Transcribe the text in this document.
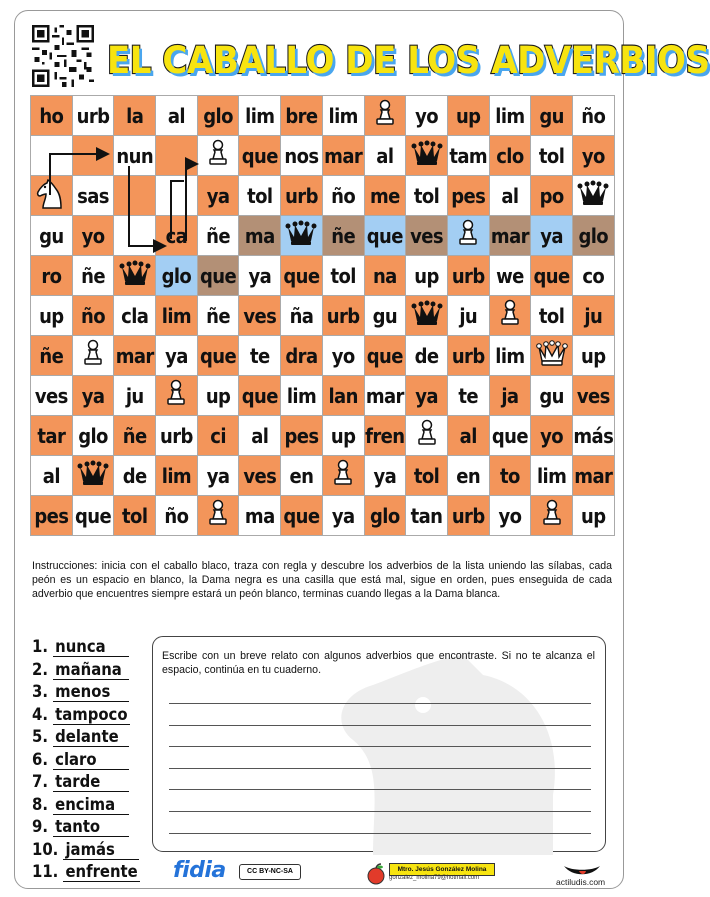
EL CABALLO DE LOS ADVERBIOS
ho	urb	la	al	glo	lim	bre	lim		yo	up	lim	gu	ño
		nun			que	nos	mar	al		tam	clo	tol	yo
	sas			ya	tol	urb	ño	me	tol	pes	al	po	
gu	yo		ca	ñe	ma		ñe	que	ves		mar	ya	glo
ro	ñe		glo	que	ya	que	tol	na	up	urb	we	que	co
up	ño	cla	lim	ñe	ves	ña	urb	gu		ju		tol	ju
ñe		mar	ya	que	te	dra	yo	que	de	urb	lim		up
ves	ya	ju		up	que	lim	lan	mar	ya	te	ja	gu	ves
tar	glo	ñe	urb	ci	al	pes	up	fren		al	que	yo	más
al		de	lim	ya	ves	en		ya	tol	en	to	lim	mar
pes	que	tol	ño		ma	que	ya	glo	tan	urb	yo		up
Instrucciones: inicia con el caballo blaco, traza con regla y descubre los adverbios de la lista uniendo las sílabas, cada peón es un espacio en blanco, la Dama negra es una casilla que está mal, sigue en orden, pues enseguida de cada adverbio que encuentres siempre estará un peón blanco, terminas cuando llegas a la Dama blanca.
1. nunca
2. mañana
3. menos
4. tampoco
5. delante
6. claro
7. tarde
8. encima
9. tanto
10. jamás
11. enfrente
Escribe con un breve relato con algunos adverbios que encontraste. Si no te alcanza el espacio, continúa en tu cuaderno.
fidia	CC BY-NC-SA	Mtro. Jesús González Molina
gonzalez_molina79@hotmail.com	actiludis.com
